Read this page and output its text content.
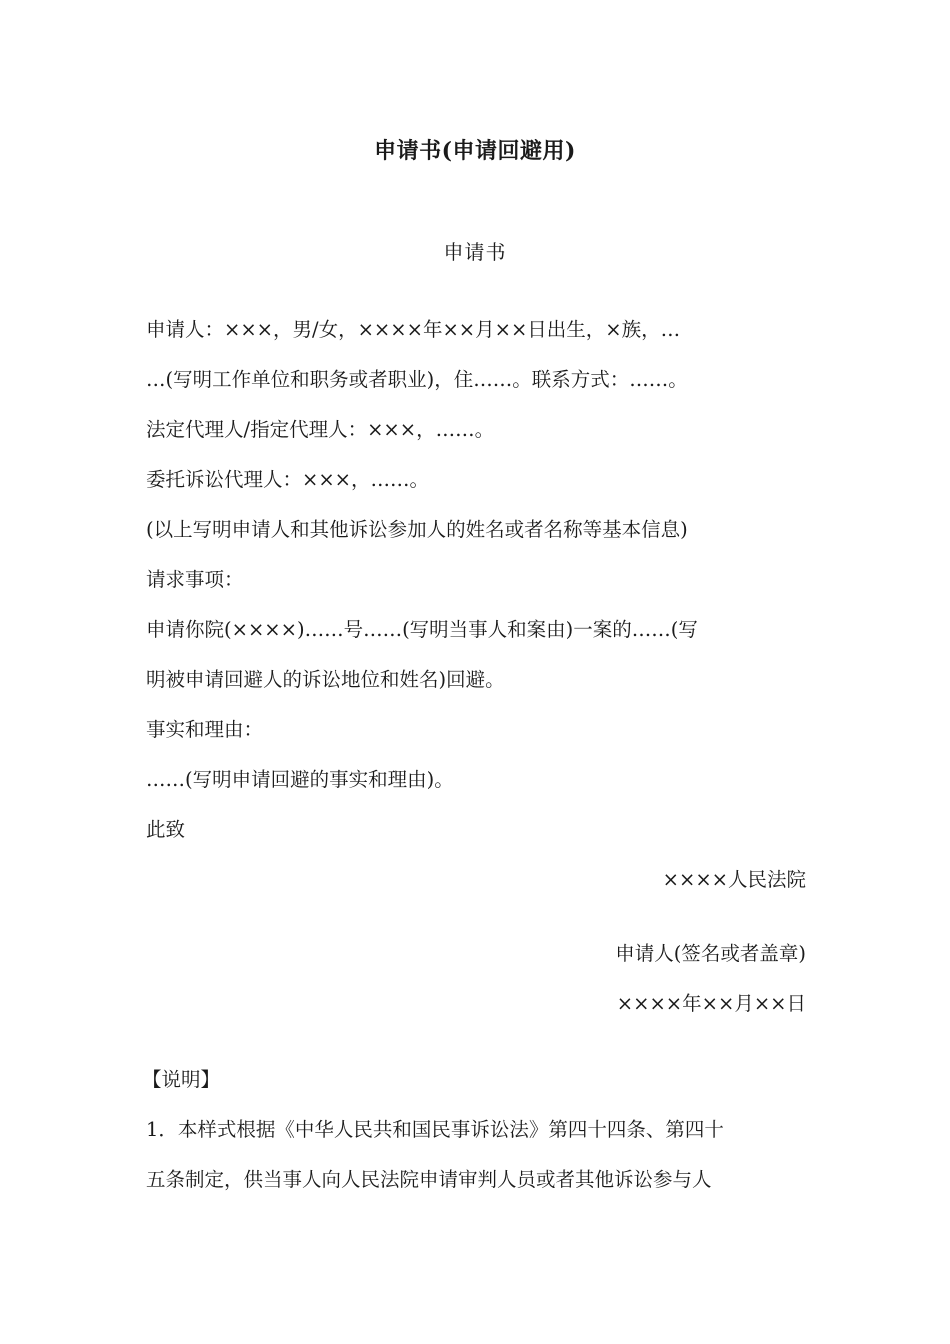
申请书(申请回避用)
申请书
申请人：×××，男/女，××××年××月××日出生，×族，…
…(写明工作单位和职务或者职业)，住……。联系方式：……。
法定代理人/指定代理人：×××，……。
委托诉讼代理人：×××，……。
(以上写明申请人和其他诉讼参加人的姓名或者名称等基本信息)
请求事项：
申请你院(××××)……号……(写明当事人和案由)一案的……(写
明被申请回避人的诉讼地位和姓名)回避。
事实和理由：
……(写明申请回避的事实和理由)。
此致
××××人民法院
申请人(签名或者盖章)
××××年××月××日
【说明】
1．本样式根据《中华人民共和国民事诉讼法》第四十四条、第四十
五条制定，供当事人向人民法院申请审判人员或者其他诉讼参与人
